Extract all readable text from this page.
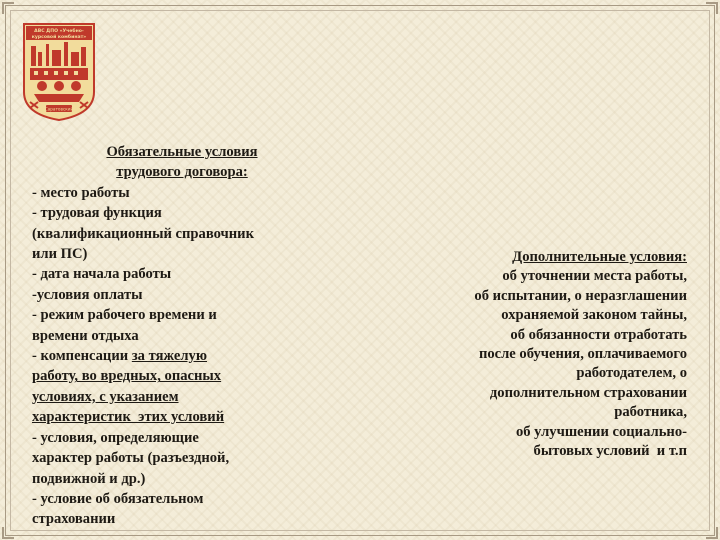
АВС ДПО «Учебно-
курсовой комбинат»
(Саратовский)
Обязательные условия
трудового договора:
- место работы
- трудовая функция
(квалификационный справочник
или ПС)
- дата начала работы
-условия оплаты
- режим рабочего времени и
времени отдыха
- компенсации за тяжелую
работу, во вредных, опасных
условиях, с указанием
характеристик  этих условий
- условия, определяющие
характер работы (разъездной,
подвижной и др.)
- условие об обязательном
страховании
Дополнительные условия:
об уточнении места работы,
об испытании, о неразглашении
охраняемой законом тайны,
об обязанности отработать
после обучения, оплачиваемого
работодателем, о
дополнительном страховании
работника,
об улучшении социально-
бытовых условий  и т.п
